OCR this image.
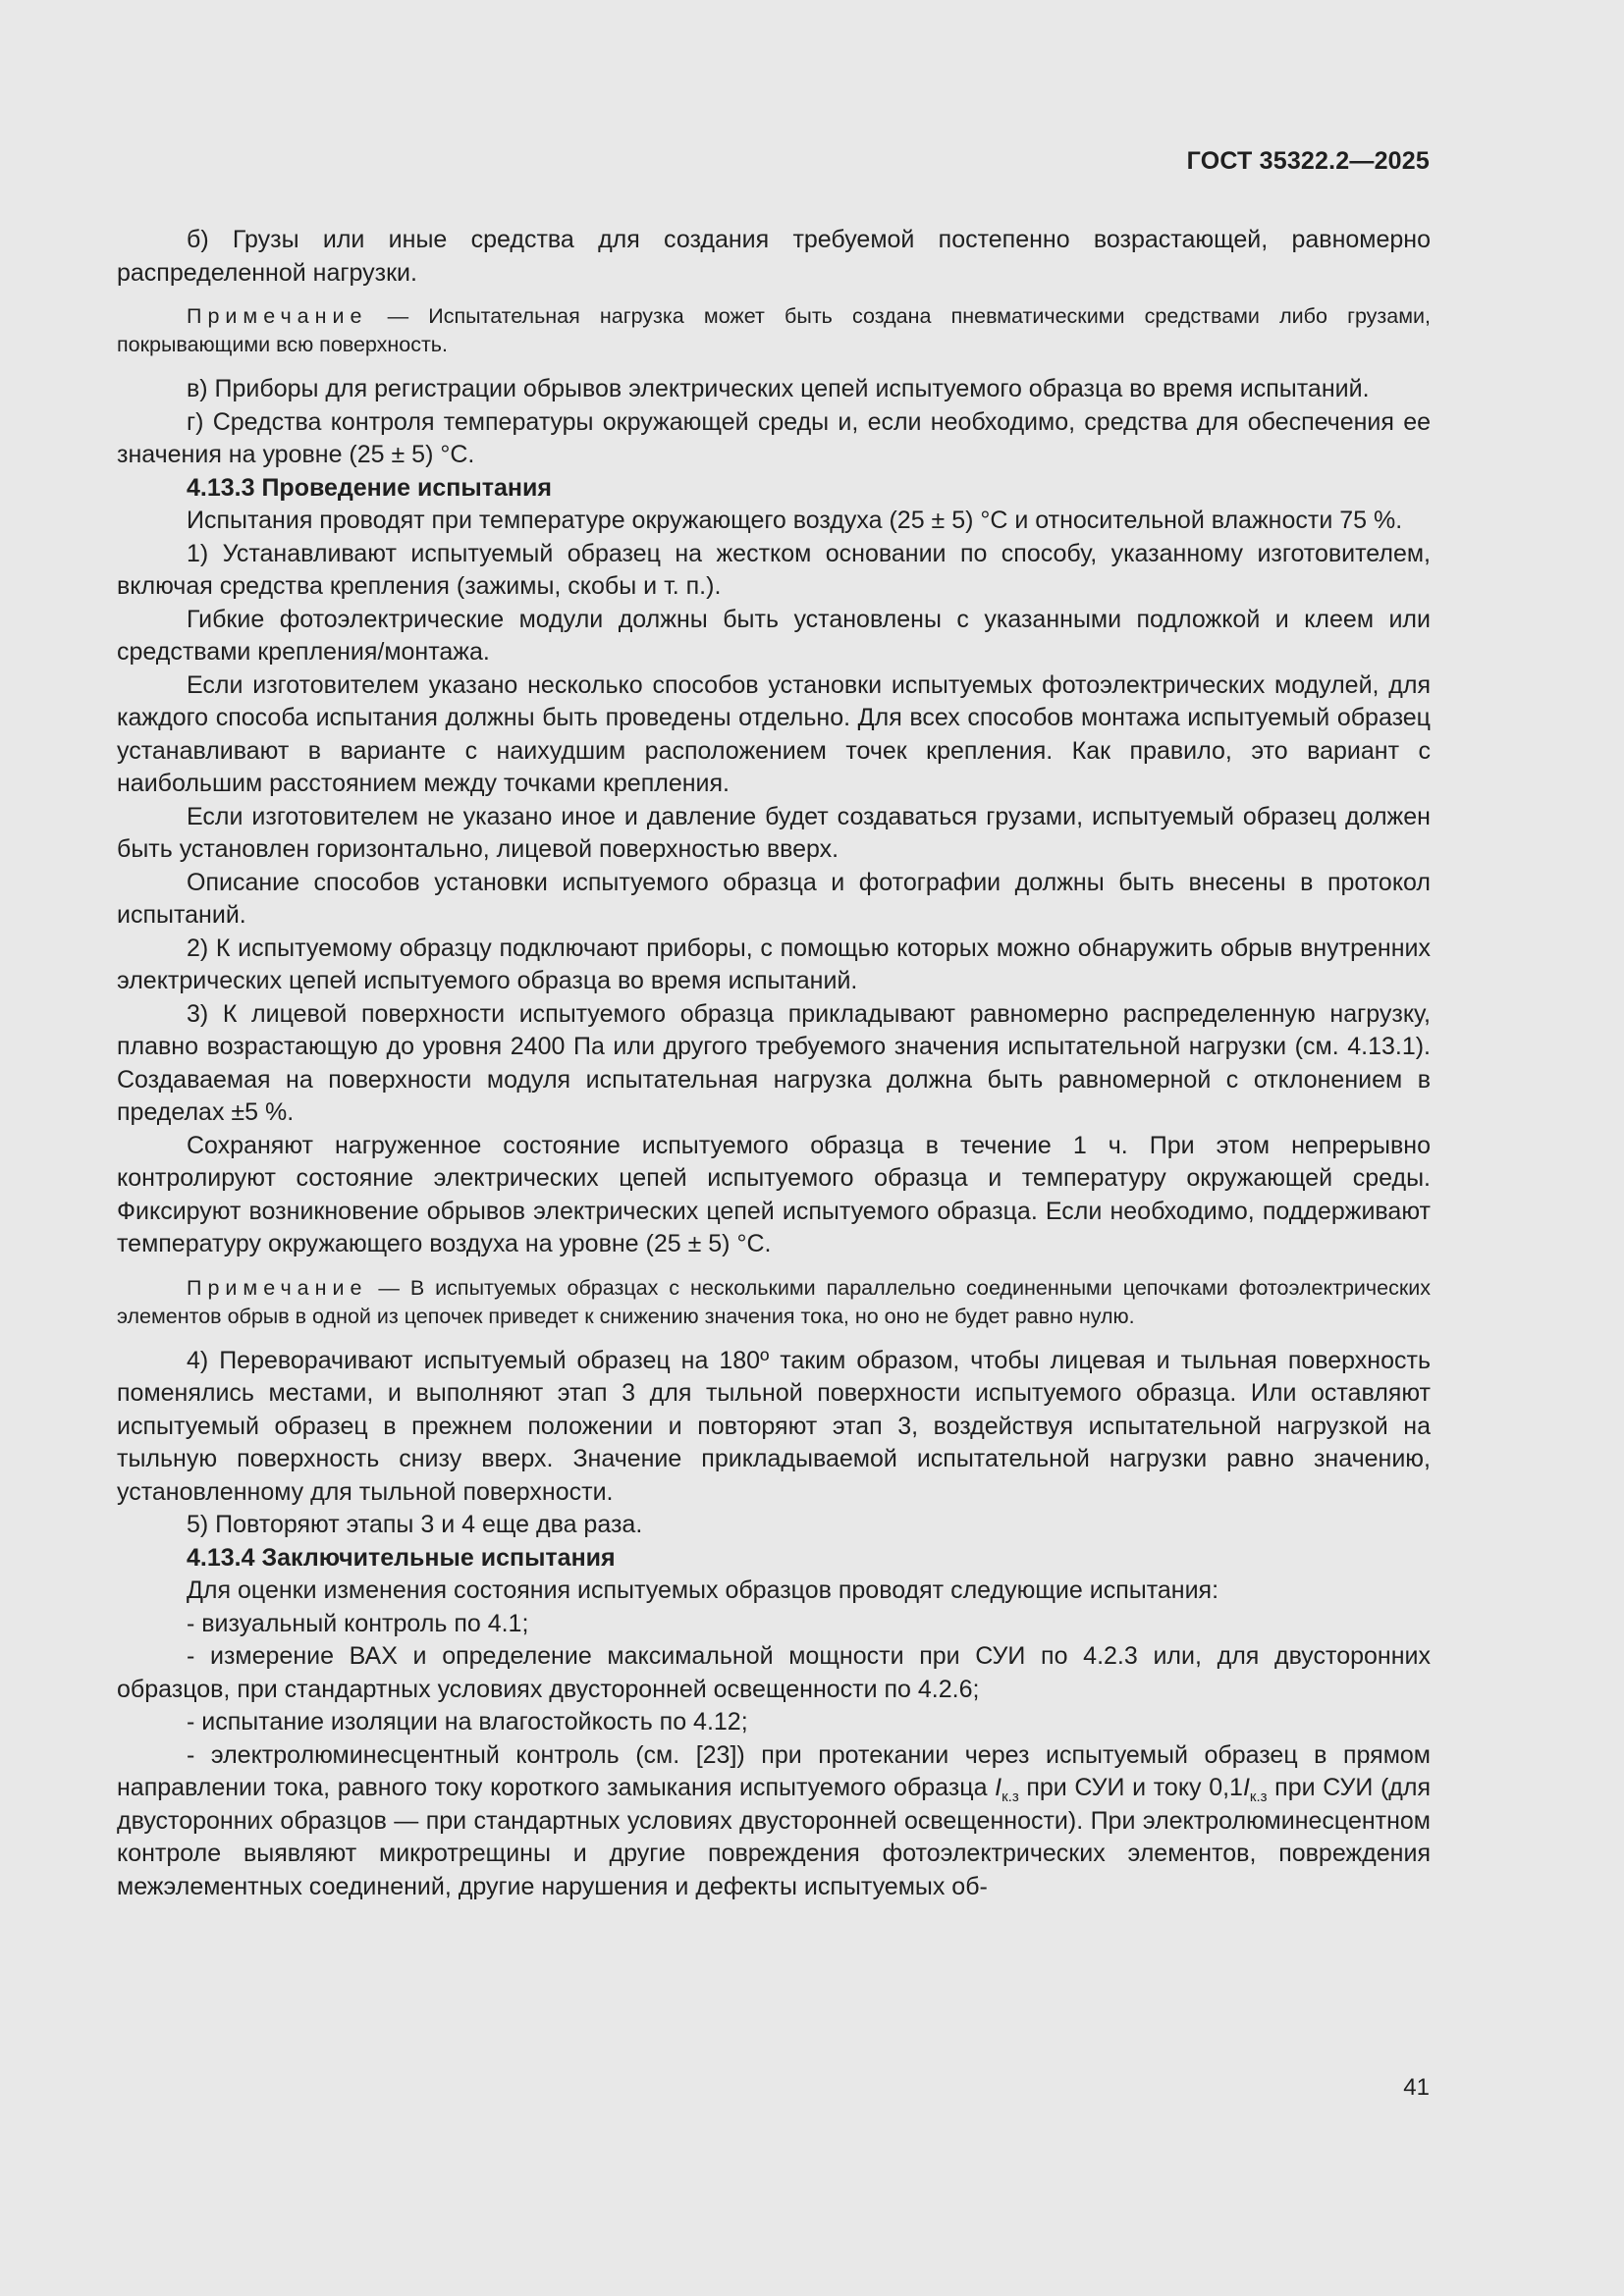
ГОСТ 35322.2—2025

б) Грузы или иные средства для создания требуемой постепенно возрастающей, равномерно распределенной нагрузки.

Примечание — Испытательная нагрузка может быть создана пневматическими средствами либо грузами, покрывающими всю поверхность.

в) Приборы для регистрации обрывов электрических цепей испытуемого образца во время испытаний.

г) Средства контроля температуры окружающей среды и, если необходимо, средства для обеспечения ее значения на уровне (25 ± 5) °С.

4.13.3 Проведение испытания

Испытания проводят при температуре окружающего воздуха (25 ± 5) °С и относительной влажности 75 %.

1) Устанавливают испытуемый образец на жестком основании по способу, указанному изготовителем, включая средства крепления (зажимы, скобы и т. п.).

Гибкие фотоэлектрические модули должны быть установлены с указанными подложкой и клеем или средствами крепления/монтажа.

Если изготовителем указано несколько способов установки испытуемых фотоэлектрических модулей, для каждого способа испытания должны быть проведены отдельно. Для всех способов монтажа испытуемый образец устанавливают в варианте с наихудшим расположением точек крепления. Как правило, это вариант с наибольшим расстоянием между точками крепления.

Если изготовителем не указано иное и давление будет создаваться грузами, испытуемый образец должен быть установлен горизонтально, лицевой поверхностью вверх.

Описание способов установки испытуемого образца и фотографии должны быть внесены в протокол испытаний.

2) К испытуемому образцу подключают приборы, с помощью которых можно обнаружить обрыв внутренних электрических цепей испытуемого образца во время испытаний.

3) К лицевой поверхности испытуемого образца прикладывают равномерно распределенную нагрузку, плавно возрастающую до уровня 2400 Па или другого требуемого значения испытательной нагрузки (см. 4.13.1). Создаваемая на поверхности модуля испытательная нагрузка должна быть равномерной с отклонением в пределах ±5 %.

Сохраняют нагруженное состояние испытуемого образца в течение 1 ч. При этом непрерывно контролируют состояние электрических цепей испытуемого образца и температуру окружающей среды. Фиксируют возникновение обрывов электрических цепей испытуемого образца. Если необходимо, поддерживают температуру окружающего воздуха на уровне (25 ± 5) °С.

Примечание — В испытуемых образцах с несколькими параллельно соединенными цепочками фотоэлектрических элементов обрыв в одной из цепочек приведет к снижению значения тока, но оно не будет равно нулю.

4) Переворачивают испытуемый образец на 180º таким образом, чтобы лицевая и тыльная поверхность поменялись местами, и выполняют этап 3 для тыльной поверхности испытуемого образца. Или оставляют испытуемый образец в прежнем положении и повторяют этап 3, воздействуя испытательной нагрузкой на тыльную поверхность снизу вверх. Значение прикладываемой испытательной нагрузки равно значению, установленному для тыльной поверхности.

5) Повторяют этапы 3 и 4 еще два раза.

4.13.4 Заключительные испытания

Для оценки изменения состояния испытуемых образцов проводят следующие испытания:

- визуальный контроль по 4.1;

- измерение ВАХ и определение максимальной мощности при СУИ по 4.2.3 или, для двусторонних образцов, при стандартных условиях двусторонней освещенности по 4.2.6;

- испытание изоляции на влагостойкость по 4.12;

- электролюминесцентный контроль (см. [23]) при протекании через испытуемый образец в прямом направлении тока, равного току короткого замыкания испытуемого образца $I_{к.з}$ при СУИ и току $0,1I_{к.з}$ при СУИ (для двусторонних образцов — при стандартных условиях двусторонней освещенности). При электролюминесцентном контроле выявляют микротрещины и другие повреждения фотоэлектрических элементов, повреждения межэлементных соединений, другие нарушения и дефекты испытуемых об-

41
